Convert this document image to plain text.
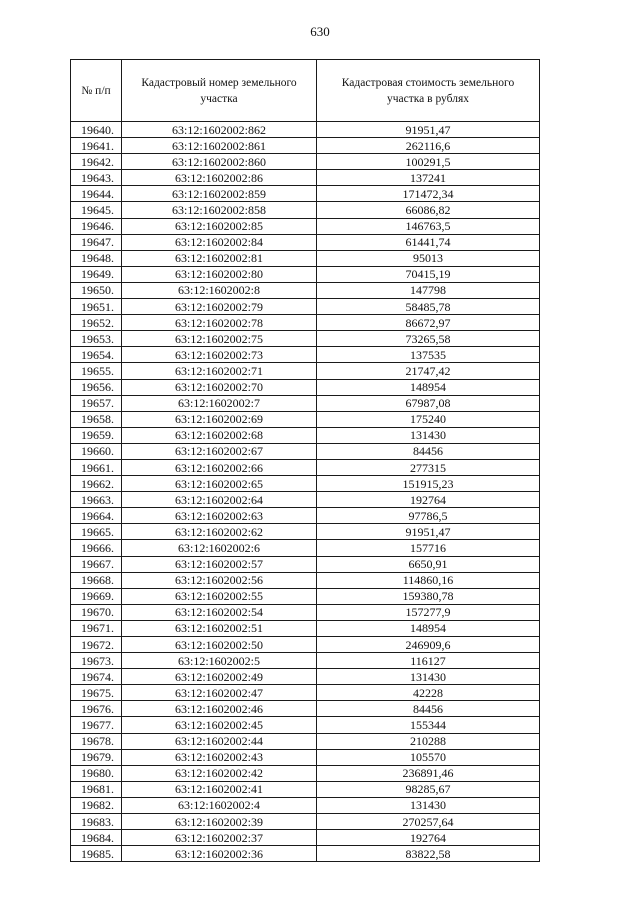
630
№ п/п	Кадастровый номер земельного участка	Кадастровая стоимость земельного участка в рублях
19640.	63:12:1602002:862	91951,47
19641.	63:12:1602002:861	262116,6
19642.	63:12:1602002:860	100291,5
19643.	63:12:1602002:86	137241
19644.	63:12:1602002:859	171472,34
19645.	63:12:1602002:858	66086,82
19646.	63:12:1602002:85	146763,5
19647.	63:12:1602002:84	61441,74
19648.	63:12:1602002:81	95013
19649.	63:12:1602002:80	70415,19
19650.	63:12:1602002:8	147798
19651.	63:12:1602002:79	58485,78
19652.	63:12:1602002:78	86672,97
19653.	63:12:1602002:75	73265,58
19654.	63:12:1602002:73	137535
19655.	63:12:1602002:71	21747,42
19656.	63:12:1602002:70	148954
19657.	63:12:1602002:7	67987,08
19658.	63:12:1602002:69	175240
19659.	63:12:1602002:68	131430
19660.	63:12:1602002:67	84456
19661.	63:12:1602002:66	277315
19662.	63:12:1602002:65	151915,23
19663.	63:12:1602002:64	192764
19664.	63:12:1602002:63	97786,5
19665.	63:12:1602002:62	91951,47
19666.	63:12:1602002:6	157716
19667.	63:12:1602002:57	6650,91
19668.	63:12:1602002:56	114860,16
19669.	63:12:1602002:55	159380,78
19670.	63:12:1602002:54	157277,9
19671.	63:12:1602002:51	148954
19672.	63:12:1602002:50	246909,6
19673.	63:12:1602002:5	116127
19674.	63:12:1602002:49	131430
19675.	63:12:1602002:47	42228
19676.	63:12:1602002:46	84456
19677.	63:12:1602002:45	155344
19678.	63:12:1602002:44	210288
19679.	63:12:1602002:43	105570
19680.	63:12:1602002:42	236891,46
19681.	63:12:1602002:41	98285,67
19682.	63:12:1602002:4	131430
19683.	63:12:1602002:39	270257,64
19684.	63:12:1602002:37	192764
19685.	63:12:1602002:36	83822,58
